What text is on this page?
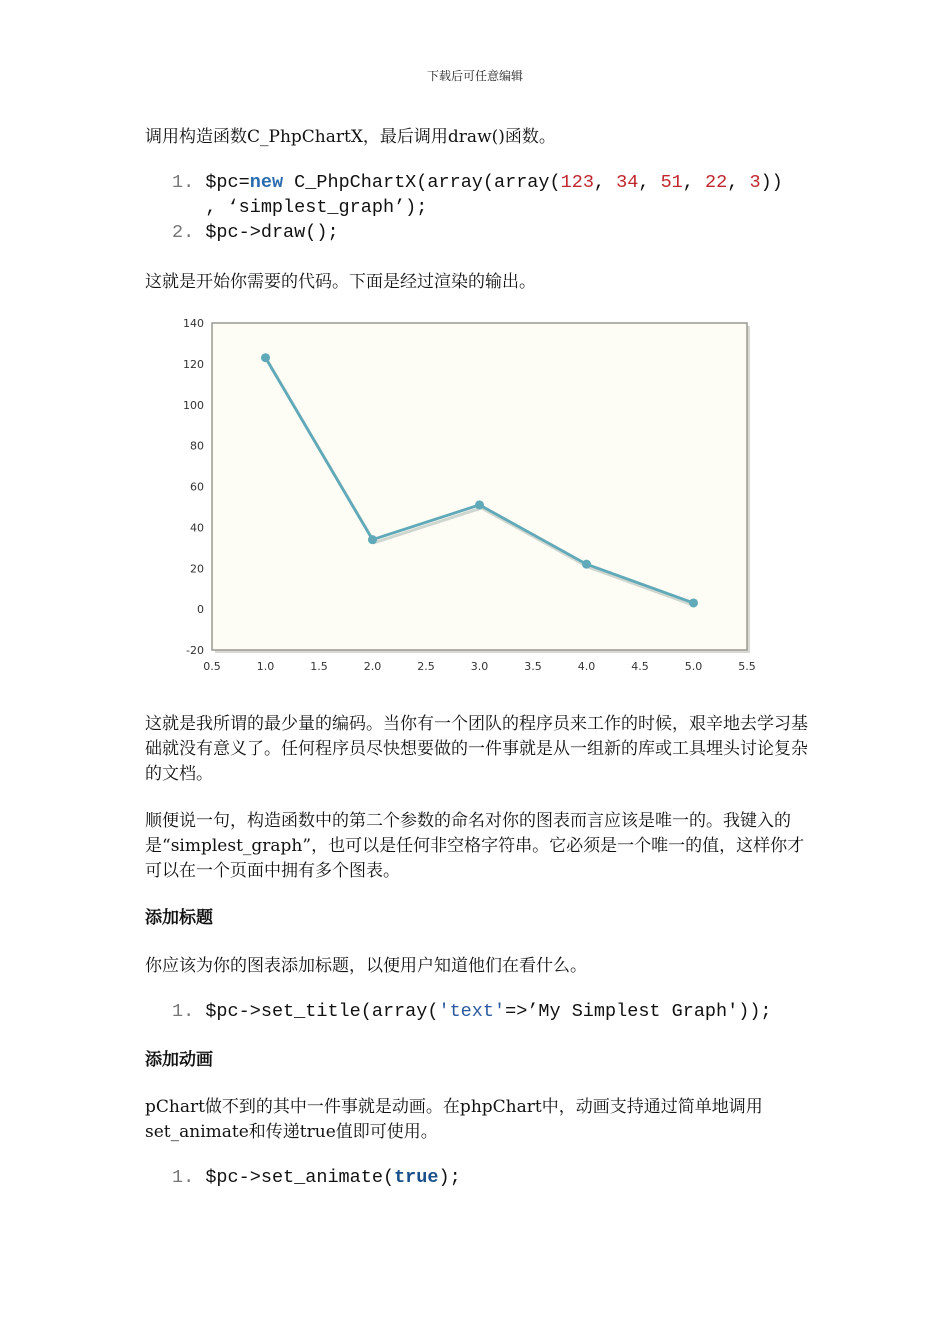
下载后可任意编辑

调用构造函数C_PhpChartX，最后调用draw()函数。

1. $pc=new C_PhpChartX(array(array(123, 34, 51, 22, 3))
, ‘simplest_graph’);
2. $pc->draw();

这就是开始你需要的代码。下面是经过渲染的输出。

140
120
100
80
60
40
20
0
-20
0.5	1.0	1.5	2.0	2.5	3.0	3.5	4.0	4.5	5.0	5.5

这就是我所谓的最少量的编码。当你有一个团队的程序员来工作的时候，艰辛地去学习基础就没有意义了。任何程序员尽快想要做的一件事就是从一组新的库或工具埋头讨论复杂的文档。

顺便说一句，构造函数中的第二个参数的命名对你的图表而言应该是唯一的。我键入的是“simplest_graph”，也可以是任何非空格字符串。它必须是一个唯一的值，这样你才可以在一个页面中拥有多个图表。

添加标题

你应该为你的图表添加标题，以便用户知道他们在看什么。

1. $pc->set_title(array('text'=>’My Simplest Graph'));

添加动画

pChart做不到的其中一件事就是动画。在phpChart中，动画支持通过简单地调用set_animate和传递true值即可使用。

1. $pc->set_animate(true);
